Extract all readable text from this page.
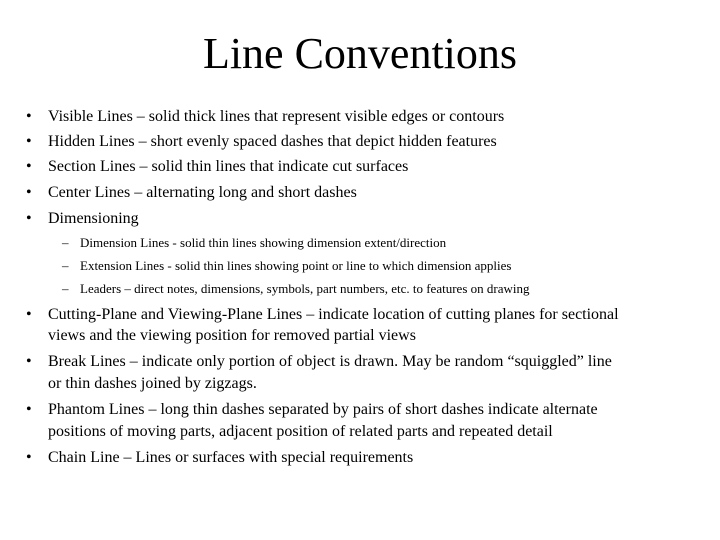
Line Conventions
• Visible Lines – solid thick lines that represent visible edges or contours
• Hidden Lines – short evenly spaced dashes that depict hidden features
• Section Lines – solid thin lines that indicate cut surfaces
• Center Lines – alternating long and short dashes
• Dimensioning
– Dimension Lines - solid thin lines showing dimension extent/direction
– Extension Lines - solid thin lines showing point or line to which dimension applies
– Leaders – direct notes, dimensions, symbols, part numbers, etc. to features on drawing
• Cutting-Plane and Viewing-Plane Lines – indicate location of cutting planes for sectional
views and the viewing position for removed partial views
• Break Lines – indicate only portion of object is drawn. May be random “squiggled” line
or thin dashes joined by zigzags.
• Phantom Lines – long thin dashes separated by pairs of short dashes indicate alternate
positions of moving parts, adjacent position of related parts and repeated detail
• Chain Line – Lines or surfaces with special requirements
